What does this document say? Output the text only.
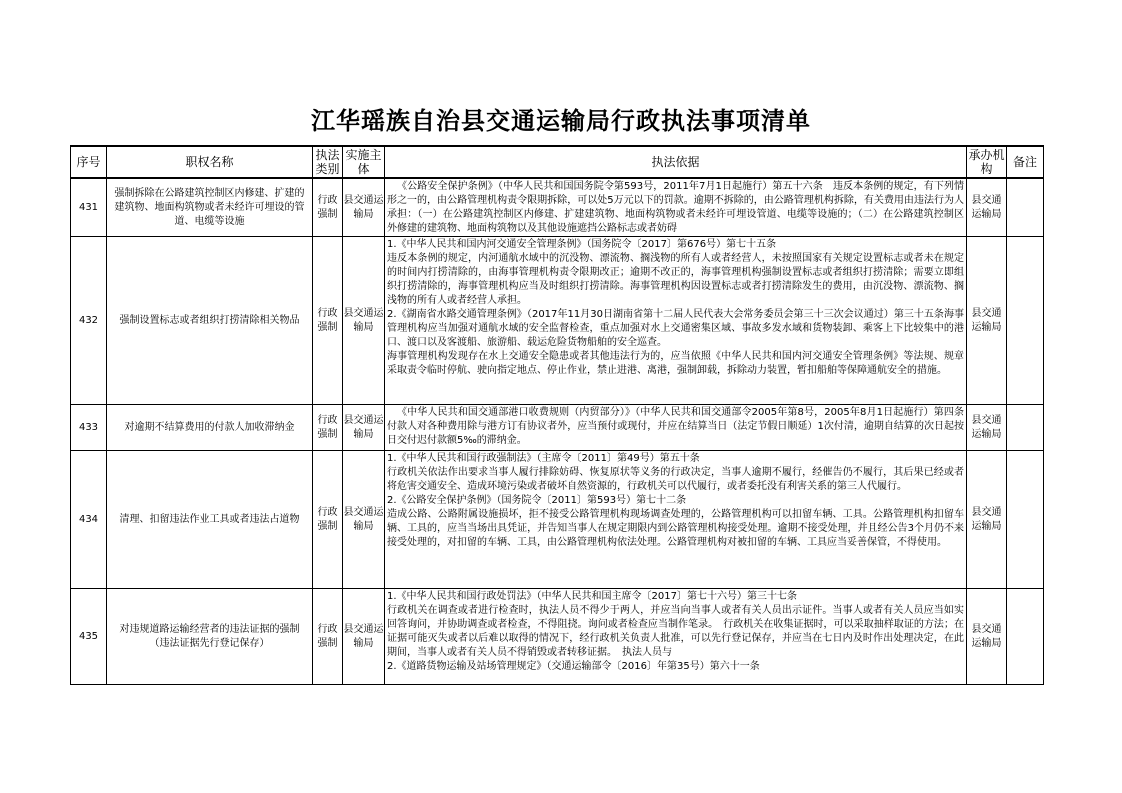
江华瑶族自治县交通运输局行政执法事项清单
序号	职权名称	执法类别	实施主体	执法依据	承办机构	备注
431	强制拆除在公路建筑控制区内修建、扩建的建筑物、地面构筑物或者未经许可埋设的管道、电缆等设施	行政强制	县交通运输局	《公路安全保护条例》（中华人民共和国国务院令第593号，2011年7月1日起施行）第五十六条　违反本条例的规定，有下列情形之一的，由公路管理机构责令限期拆除，可以处5万元以下的罚款。逾期不拆除的，由公路管理机构拆除，有关费用由违法行为人承担：（一）在公路建筑控制区内修建、扩建建筑物、地面构筑物或者未经许可埋设管道、电缆等设施的；（二）在公路建筑控制区外修建的建筑物、地面构筑物以及其他设施遮挡公路标志或者妨碍	县交通运输局	
432	强制设置标志或者组织打捞清除相关物品	行政强制	县交通运输局	1.《中华人民共和国内河交通安全管理条例》（国务院令〔2017〕第676号）第七十五条

违反本条例的规定，内河通航水域中的沉没物、漂流物、搁浅物的所有人或者经营人，未按照国家有关规定设置标志或者未在规定的时间内打捞清除的，由海事管理机构责令限期改正；逾期不改正的，海事管理机构强制设置标志或者组织打捞清除；需要立即组织打捞清除的，海事管理机构应当及时组织打捞清除。海事管理机构因设置标志或者打捞清除发生的费用，由沉没物、漂流物、搁浅物的所有人或者经营人承担。

2.《湖南省水路交通管理条例》（2017年11月30日湖南省第十二届人民代表大会常务委员会第三十三次会议通过）第三十五条海事管理机构应当加强对通航水域的安全监督检查，重点加强对水上交通密集区域、事故多发水域和货物装卸、乘客上下比较集中的港口、渡口以及客渡船、旅游船、载运危险货物船舶的安全巡查。

海事管理机构发现存在水上交通安全隐患或者其他违法行为的，应当依照《中华人民共和国内河交通安全管理条例》等法规、规章采取责令临时停航、驶向指定地点、停止作业，禁止进港、离港，强制卸载，拆除动力装置，暂扣船舶等保障通航安全的措施。	县交通运输局	
433	对逾期不结算费用的付款人加收滞纳金	行政强制	县交通运输局	《中华人民共和国交通部港口收费规则（内贸部分）》（中华人民共和国交通部令2005年第8号，2005年8月1日起施行）第四条　付款人对各种费用除与港方订有协议者外，应当预付或现付，并应在结算当日（法定节假日顺延）1次付清，逾期自结算的次日起按日交付迟付款额5‰的滞纳金。	县交通运输局	
434	清理、扣留违法作业工具或者违法占道物	行政强制	县交通运输局	1.《中华人民共和国行政强制法》（主席令〔2011〕第49号）第五十条

行政机关依法作出要求当事人履行排除妨碍、恢复原状等义务的行政决定，当事人逾期不履行，经催告仍不履行，其后果已经或者将危害交通安全、造成环境污染或者破坏自然资源的，行政机关可以代履行，或者委托没有利害关系的第三人代履行。

2.《公路安全保护条例》（国务院令〔2011〕第593号）第七十二条

造成公路、公路附属设施损坏，拒不接受公路管理机构现场调查处理的，公路管理机构可以扣留车辆、工具。公路管理机构扣留车辆、工具的，应当当场出具凭证，并告知当事人在规定期限内到公路管理机构接受处理。逾期不接受处理，并且经公告3个月仍不来接受处理的，对扣留的车辆、工具，由公路管理机构依法处理。公路管理机构对被扣留的车辆、工具应当妥善保管，不得使用。	县交通运输局	
435	对违规道路运输经营者的违法证据的强制（违法证据先行登记保存）	行政强制	县交通运输局	1.《中华人民共和国行政处罚法》（中华人民共和国主席令〔2017〕第七十六号）第三十七条

行政机关在调查或者进行检查时，执法人员不得少于两人，并应当向当事人或者有关人员出示证件。当事人或者有关人员应当如实回答询问，并协助调查或者检查，不得阻挠。询问或者检查应当制作笔录。　行政机关在收集证据时，可以采取抽样取证的方法；在证据可能灭失或者以后难以取得的情况下，经行政机关负责人批准，可以先行登记保存，并应当在七日内及时作出处理决定，在此期间，当事人或者有关人员不得销毁或者转移证据。　执法人员与

2.《道路货物运输及站场管理规定》（交通运输部令〔2016〕年第35号）第六十一条	县交通运输局	
